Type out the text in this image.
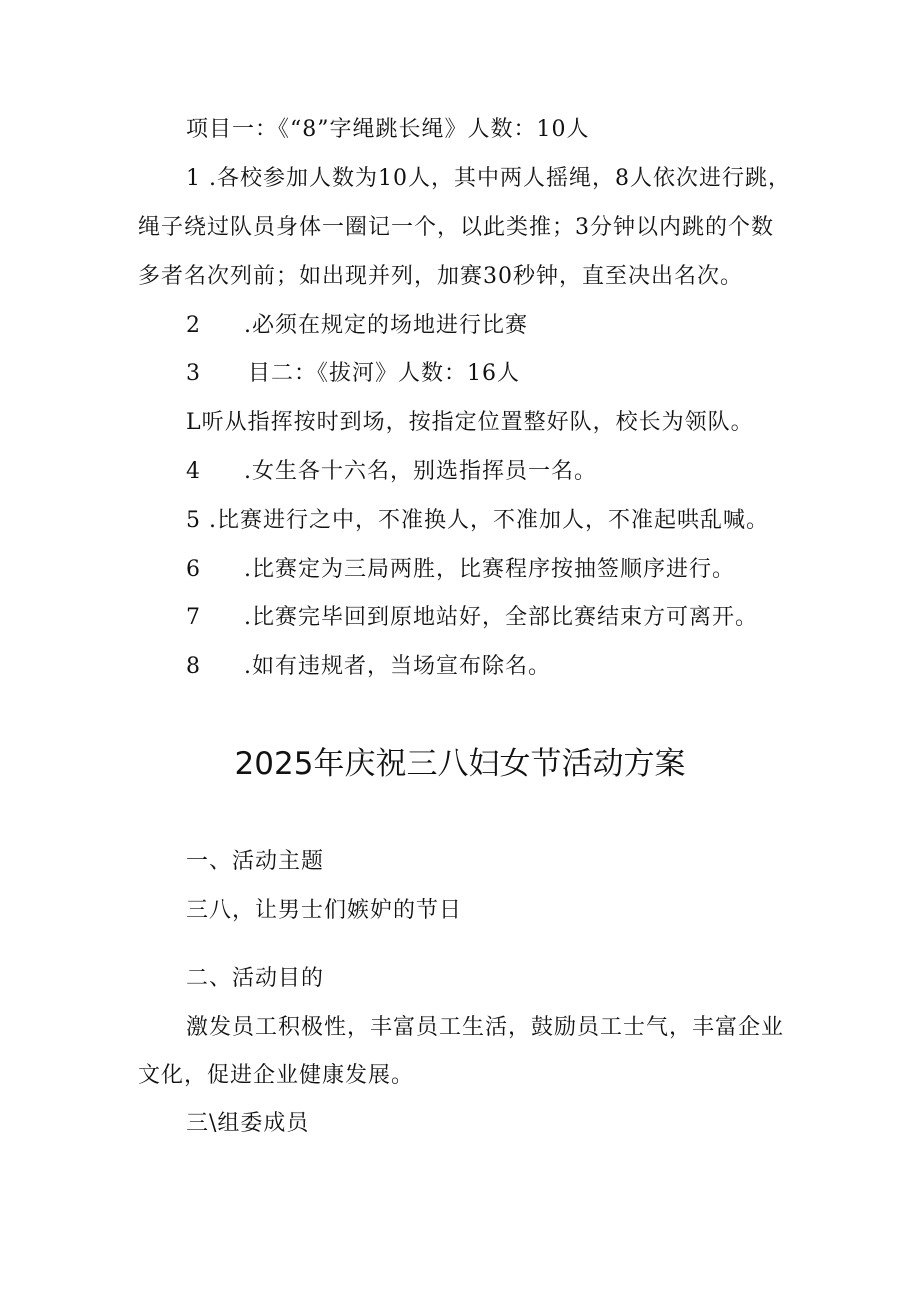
项目一：《“8”字绳跳长绳》人数：10人
1 .各校参加人数为10人，其中两人摇绳，8人依次进行跳，
绳子绕过队员身体一圈记一个，以此类推；3分钟以内跳的个数
多者名次列前；如出现并列，加赛30秒钟，直至决出名次。
2 .必须在规定的场地进行比赛
3 目二：《拔河》人数：16人
L听从指挥按时到场，按指定位置整好队，校长为领队。
4 .女生各十六名，别选指挥员一名。
5 .比赛进行之中，不准换人，不准加人，不准起哄乱喊。
6 .比赛定为三局两胜，比赛程序按抽签顺序进行。
7 .比赛完毕回到原地站好，全部比赛结束方可离开。
8 .如有违规者，当场宣布除名。
2025年庆祝三八妇女节活动方案
一、活动主题
三八，让男士们嫉妒的节日
二、活动目的
激发员工积极性，丰富员工生活，鼓励员工士气，丰富企业
文化，促进企业健康发展。
三\组委成员
